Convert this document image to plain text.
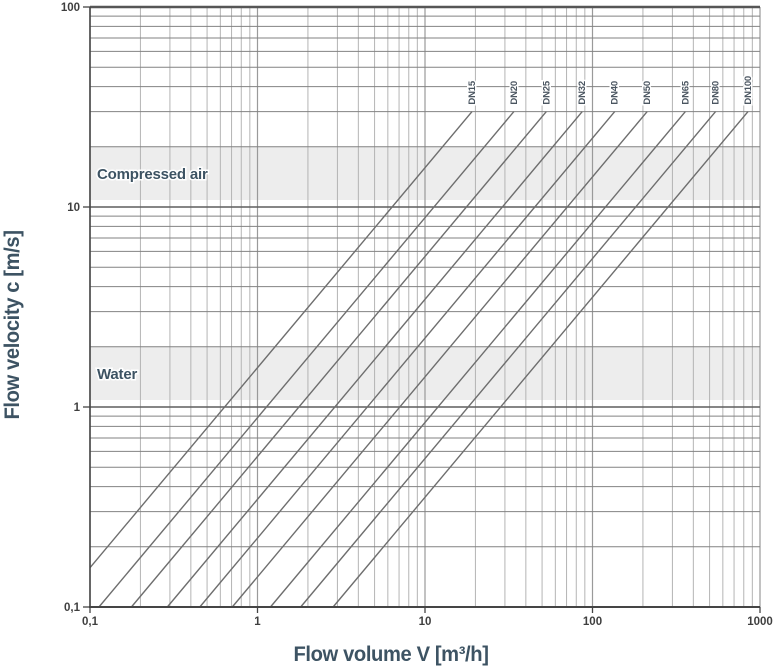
0,1	1	10	100	1000
0,1
1
10
100
Water
Compressed air
DN15	DN20 DN25	DN32 DN40 DN50	DN65 DN80 DN100
Flow velocity c [m/s]
Flow volume V [m³/h]
